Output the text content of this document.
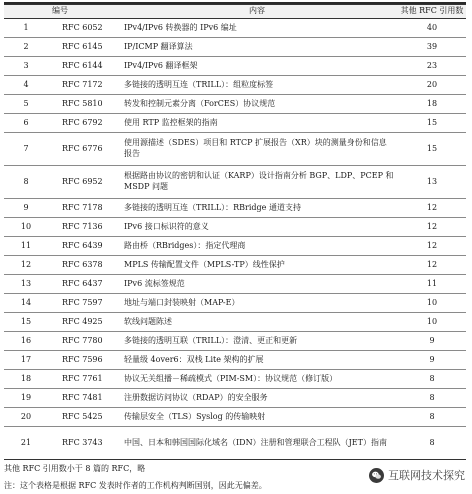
编号		内容	其他 RFC 引用数
1	RFC 6052	IPv4/IPv6 转换器的 IPv6 编址	40
2	RFC 6145	IP/ICMP 翻译算法	39
3	RFC 6144	IPv4/IPv6 翻译框架	23
4	RFC 7172	多链接的透明互连（TRILL）：组粒度标签	20
5	RFC 5810	转发和控制元素分离（ForCES）协议规范	18
6	RFC 6792	使用 RTP 监控框架的指南	15
7	RFC 6776	使用源描述（SDES）项目和 RTCP 扩展报告（XR）块的测量身份和信息报告	15
8	RFC 6952	根据路由协议的密钥和认证（KARP）设计指南分析 BGP、LDP、PCEP 和 MSDP 问题	13
9	RFC 7178	多链接的透明互连（TRILL）：RBridge 通道支持	12
10	RFC 7136	IPv6 接口标识符的意义	12
11	RFC 6439	路由桥（RBridges）：指定代理商	12
12	RFC 6378	MPLS 传输配置文件（MPLS-TP）线性保护	12
13	RFC 6437	IPv6 流标签规范	11
14	RFC 7597	地址与端口封装映射（MAP-E）	10
15	RFC 4925	软线问题陈述	10
16	RFC 7780	多链接的透明互联（TRILL）：澄清、更正和更新	9
17	RFC 7596	轻量级 4over6：双栈 Lite 架构的扩展	9
18	RFC 7761	协议无关组播－稀疏模式（PIM-SM）：协议规范（修订版）	8
19	RFC 7481	注册数据访问协议（RDAP）的安全服务	8
20	RFC 5425	传输层安全（TLS）Syslog 的传输映射	8
21	RFC 3743	中国、日本和韩国国际化域名（IDN）注册和管理联合工程队（JET）指南	8
其他 RFC 引用数小于 8 篇的 RFC，略
注：这个表格是根据 RFC 发表时作者的工作机构判断国别，因此无偏差。
互联网技术探究
